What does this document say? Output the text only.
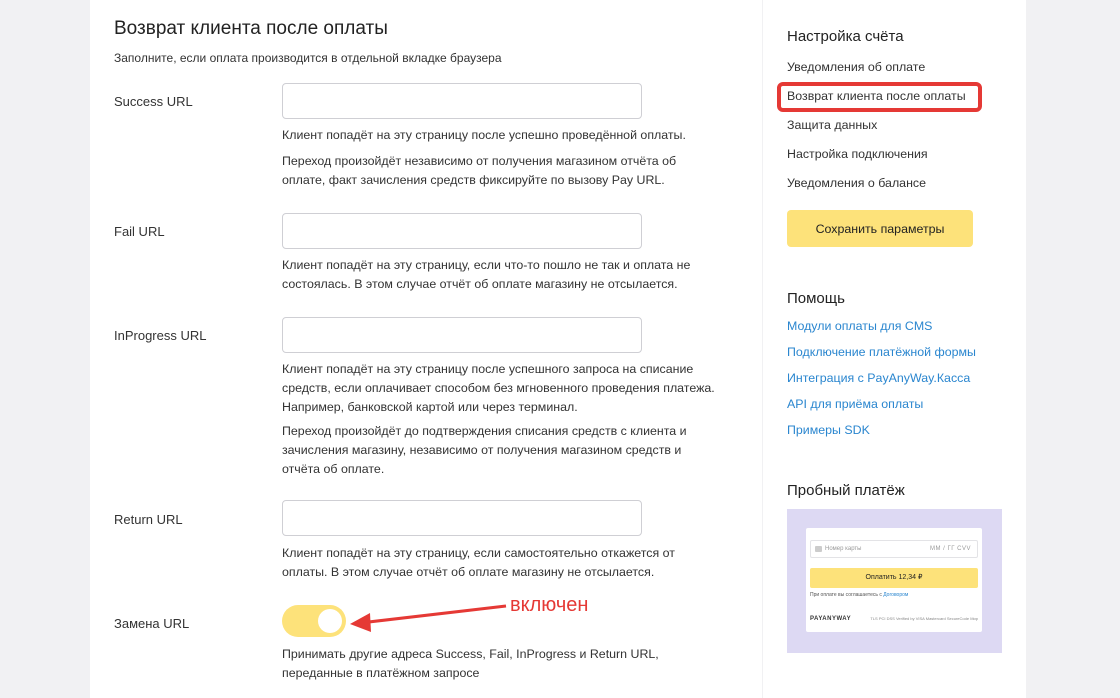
Возврат клиента после оплаты
Заполните, если оплата производится в отдельной вкладке браузера
Success URL
Клиент попадёт на эту страницу после успешно проведённой оплаты.
Переход произойдёт независимо от получения магазином отчёта об оплате, факт зачисления средств фиксируйте по вызову Pay URL.
Fail URL
Клиент попадёт на эту страницу, если что-то пошло не так и оплата не состоялась. В этом случае отчёт об оплате магазину не отсылается.
InProgress URL
Клиент попадёт на эту страницу после успешного запроса на списание средств, если оплачивает способом без мгновенного проведения платежа. Например, банковской картой или через терминал.
Переход произойдёт до подтверждения списания средств с клиента и зачисления магазину, независимо от получения магазином средств и отчёта об оплате.
Return URL
Клиент попадёт на эту страницу, если самостоятельно откажется от оплаты. В этом случае отчёт об оплате магазину не отсылается.
Замена URL
Принимать другие адреса Success, Fail, InProgress и Return URL, переданные в платёжном запросе
включен
Настройка счёта
Уведомления об оплате
Возврат клиента после оплаты
Защита данных
Настройка подключения
Уведомления о балансе
Сохранить параметры
Помощь
Модули оплаты для CMS
Подключение платёжной формы
Интеграция с PayAnyWay.Касса
API для приёма оплаты
Примеры SDK
Пробный платёж
Номер карты	ММ / ГГ CVV
Оплатить 12,34 ₽
При оплате вы соглашаетесь с Договором
PAYANYWAY	TLS PCI DSS Verified by VISA Mastercard SecureCode Мир
